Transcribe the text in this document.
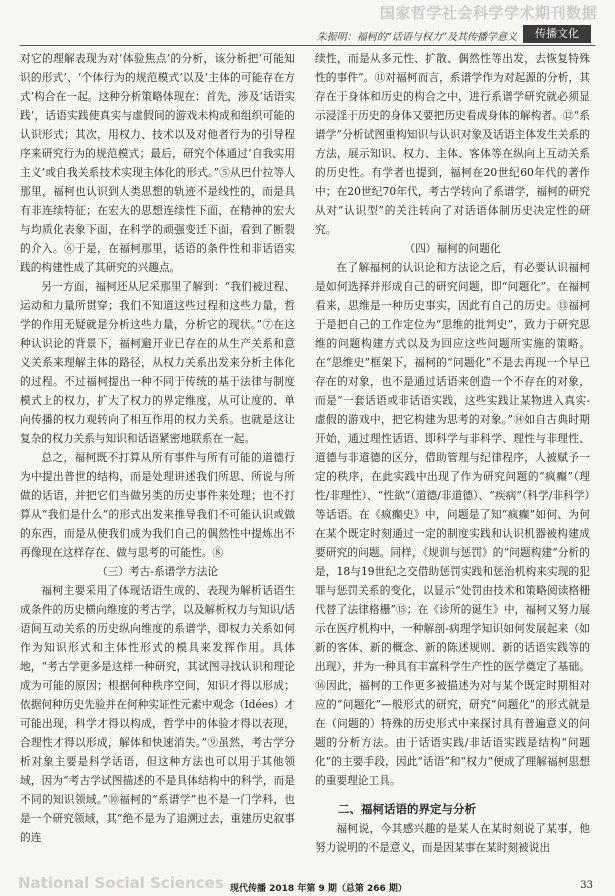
国家哲学社会科学学术期刊数据
朱振明：福柯的“话语与权力”及其传播学意义	传播文化

对它的理解表现为对‘体验焦点’的分析，该分析把‘可能知识的形式’、‘个体行为的规范模式’以及‘主体的可能存在方式’构合在一起。这种分析策略体现在：首先，涉及‘话语实践’，话语实践使真实与虚假间的游戏未构成和组织可能的认识形式；其次，用权力、技术以及对他者行为的引导程序来研究行为的规范模式；最后，研究个体通过‘自我实用主义’或自我关系技术实现主体化的形式。”⑤从巴什拉等人那里，福柯也认识到人类思想的轨迹不是线性的，而是具有非连续特征；在宏大的思想连续性下面，在精神的宏大与均质化表象下面，在科学的顽强变迁下面，看到了断裂的介入。⑥于是，在福柯那里，话语的条件性和非话语实践的构建性成了其研究的兴趣点。

另一方面，福柯还从尼采那里了解到：“我们被过程、运动和力量所贯穿；我们不知道这些过程和这些力量，哲学的作用无疑就是分析这些力量，分析它的现状。”⑦在这种认识论的背景下，福柯避开业已存在的从生产关系和意义关系来理解主体的路径，从权力关系出发来分析主体化的过程。不过福柯提出一种不同于传统的基于法律与制度模式上的权力，扩大了权力的界定维度，从可让度的、单向传播的权力观转向了相互作用的权力关系。也就是这让复杂的权力关系与知识和话语紧密地联系在一起。

总之，福柯既不打算从所有事件与所有可能的道德行为中提出普世的结构，而是处理讲述我们所思、所说与所做的话语，并把它们当做另类的历史事件来处理；也不打算从“我们是什么”的形式出发来推导我们不可能认识或做的东西，而是从使我们成为我们自己的偶然性中提炼出不再像现在这样存在、做与思考的可能性。⑧

（三）考古-系谱学方法论

福柯主要采用了体现话语生成的、表现为解析话语生成条件的历史横向维度的考古学，以及解析权力与知识/话语间互动关系的历史纵向维度的系谱学，即权力关系如何作为知识形式和主体性形式的模具来发挥作用。具体地，“考古学更多是这样一种研究，其试图寻找认识和理论成为可能的原因；根据何种秩序空间，知识才得以形成；依据何种历史先验并在何种实证性元素中观念（Idées）才可能出现，科学才得以构成，哲学中的体验才得以表现，合理性才得以形成，解体和快速消失。”⑨虽然，考古学分析对象主要是科学话语，但这种方法也可以用于其他领域，因为“考古学试图描述的不是具体结构中的科学，而是不同的知识领域。”⑩福柯的“系谱学”也不是一门学科，也是一个研究领域，其“绝不是为了追溯过去，重建历史叙事的连

续性，而是从多元性、扩散、偶然性等出发，去恢复特殊性的事件”。⑪对福柯而言，系谱学作为对起源的分析，其存在于身体和历史的构合之中，进行系谱学研究就必须显示浸淫于历史的身体又要把历史看成身体的解构者。⑫“系谱学”分析试图重构知识与认识对象及话语主体发生关系的方法，展示知识、权力、主体、客体等在纵向上互动关系的历史性。有学者也提到，福柯在20世纪60年代的著作中；在20世纪70年代，考古学转向了系谱学，福柯的研究从对“认识型”的关注转向了对话语体制历史决定性的研究。

（四）福柯的问题化

在了解福柯的认识论和方法论之后，有必要认识福柯是如何选择并形成自己的研究问题，即“问题化”。在福柯看来，思维是一种历史事实，因此有自己的历史。⑬福柯于是把自己的工作定位为“思维的批判史”，致力于研究思维的问题构建方式以及为回应这些问题所实施的策略。在“思维史”框架下，福柯的“问题化”不是去再现一个早已存在的对象，也不是通过话语来创造一个不存在的对象，而是“一套话语或非话语实践，这些实践让某物进入真实-虚假的游戏中，把它构建为思考的对象。”⑭如自古典时期开始，通过理性话语、即科学与非科学、理性与非理性、道德与非道德的区分，借助管理与纪律程序，人被赋予一定的秩序，在此实践中出现了作为研究问题的“疯癫”（理性/非理性）、“性欲”（道德/非道德）、“疾病”（科学/非科学）等话语。在《疯癫史》中，问题是了知“疯癫”如何、为何在某个既定时刻通过一定的制度实践和认识机器被构建成要研究的问题。同样，《规训与惩罚》的“问题构建”分析的是，18与19世纪之交借助惩罚实践和惩治机构来实现的犯罪与惩罚关系的变化，以显示“处罚由技术和策略阅读格栅代替了法律格栅”⑮；在《诊所的诞生》中，福柯又努力展示在医疗机构中，一种解剖-病理学知识如何发展起来（如新的客体、新的概念、新的陈述规则、新的话语实践等的出现），并为一种具有丰富科学生产性的医学奠定了基础。⑯因此，福柯的工作更多被描述为对与某个既定时期相对应的“问题化”—般形式的研究，研究“问题化”的形式就是在（问题的）特殊的历史形式中来探讨具有普遍意义的问题的分析方法。由于话语实践/非话语实践是结构“问题化”的主要手段，因此“话语”和“权力”便成了理解福柯思想的重要理论工具。

二、福柯话语的界定与分析

福柯说，今其感兴趣的是某人在某时刻说了某事，他努力说明的不是意义，而是因某事在某时刻被说出

National Social Sciences 现代传播 2018 年第 9 期（总第 266 期）	33
